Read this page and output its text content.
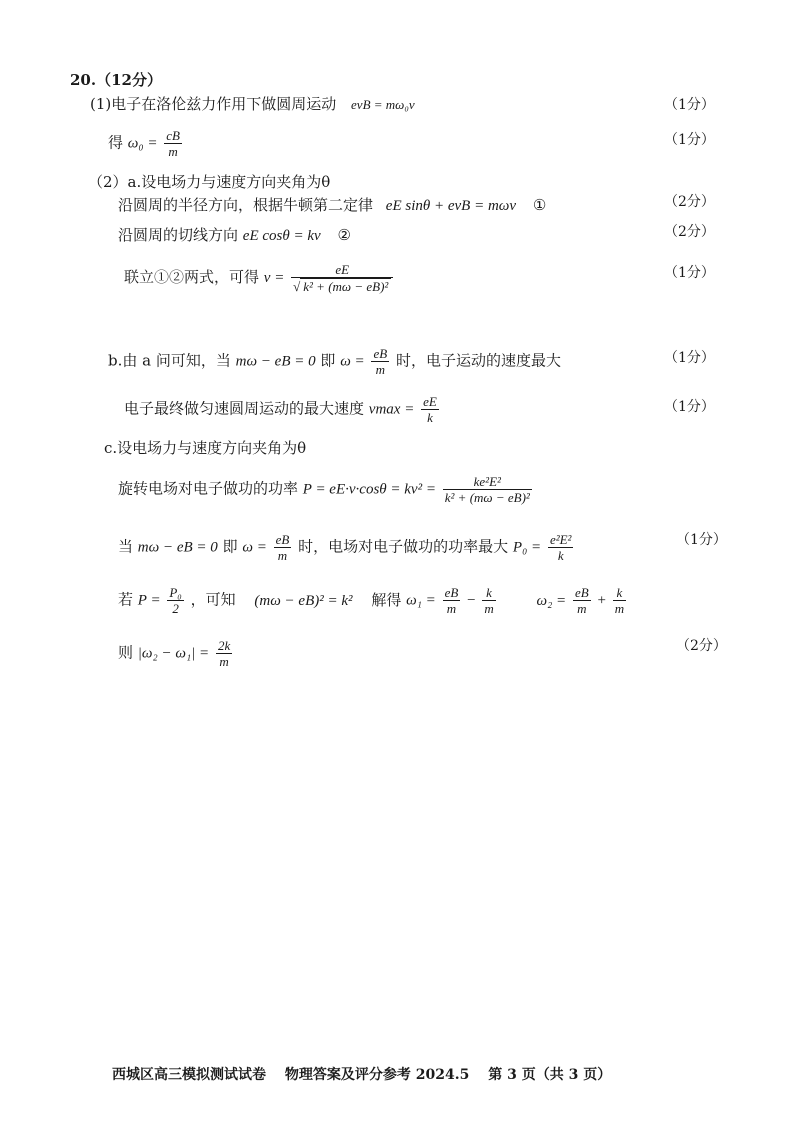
20.（12分）
(1)电子在洛伦兹力作用下做圆周运动 evB = mω₀v	（1分）
得 $\omega_0 = \frac{cB}{m}$	（1分）
（2）a.设电场力与速度方向夹角为θ
沿圆周的半径方向，根据牛顿第二定律 eE sinθ + evB = mωv ①	（2分）
沿圆周的切线方向 eE cosθ = kv ②	（2分）
联立①②两式，可得 $v = \frac{eE}{\text{√ k² + (mω − eB)²}}$	（1分）
b.由 a 问可知，当 mω − eB = 0 即 $\omega = \frac{eB}{m}$ 时，电子运动的速度最大	（1分）
电子最终做匀速圆周运动的最大速度 $vmax = \frac{eE}{k}$	（1分）
c.设电场力与速度方向夹角为θ
旋转电场对电子做功的功率 $P = eE\cdot v\cdot\cos\theta = kv^2 = \frac{\text{ke²E²}}{\text{k² + (mω − eB)²}}$
当 mω − eB = 0 即 $\omega = \frac{eB}{m}$ 时，电场对电子做功的功率最大 $P_0 = \frac{\text{e²E²}}{k}$	（1分）
若 $P = \frac{\text{P₀}}{2}$ ，可知 (mω − eB)² = k² 解得 $\omega_1 = \frac{eB}{m} - \frac{k}{m}$	$\omega_2 = \frac{eB}{m} + \frac{k}{m}$
则 $|\omega_2 - \omega_1| = \frac{2k}{m}$	（2分）
西城区高三模拟测试试卷 物理答案及评分参考 2024.5 第 3 页（共 3 页）
